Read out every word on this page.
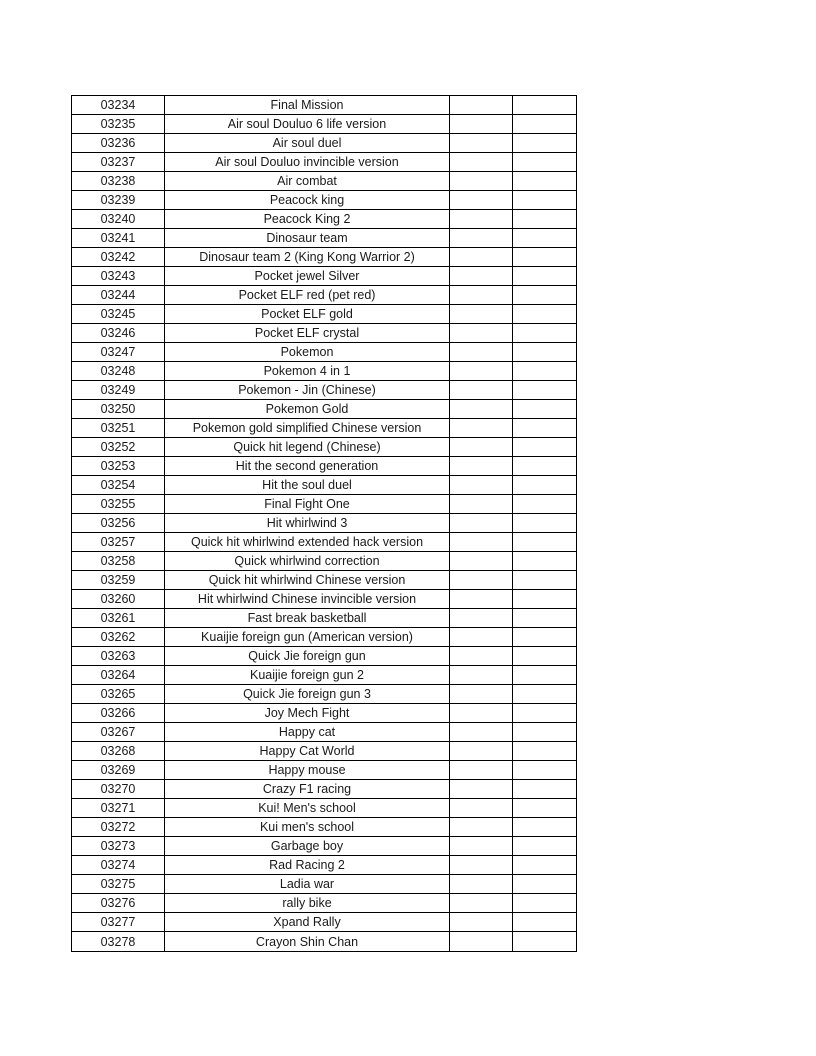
03234	Final Mission
03235	Air soul Douluo 6 life version
03236	Air soul duel
03237	Air soul Douluo invincible version
03238	Air combat
03239	Peacock king
03240	Peacock King 2
03241	Dinosaur team
03242	Dinosaur team 2 (King Kong Warrior 2)
03243	Pocket jewel Silver
03244	Pocket ELF red (pet red)
03245	Pocket ELF gold
03246	Pocket ELF crystal
03247	Pokemon
03248	Pokemon 4 in 1
03249	Pokemon - Jin (Chinese)
03250	Pokemon Gold
03251	Pokemon gold simplified Chinese version
03252	Quick hit legend (Chinese)
03253	Hit the second generation
03254	Hit the soul duel
03255	Final Fight One
03256	Hit whirlwind 3
03257	Quick hit whirlwind extended hack version
03258	Quick whirlwind correction
03259	Quick hit whirlwind Chinese version
03260	Hit whirlwind Chinese invincible version
03261	Fast break basketball
03262	Kuaijie foreign gun (American version)
03263	Quick Jie foreign gun
03264	Kuaijie foreign gun 2
03265	Quick Jie foreign gun 3
03266	Joy Mech Fight
03267	Happy cat
03268	Happy Cat World
03269	Happy mouse
03270	Crazy F1 racing
03271	Kui! Men's school
03272	Kui men's school
03273	Garbage boy
03274	Rad Racing 2
03275	Ladia war
03276	rally bike
03277	Xpand Rally
03278	Crayon Shin Chan
